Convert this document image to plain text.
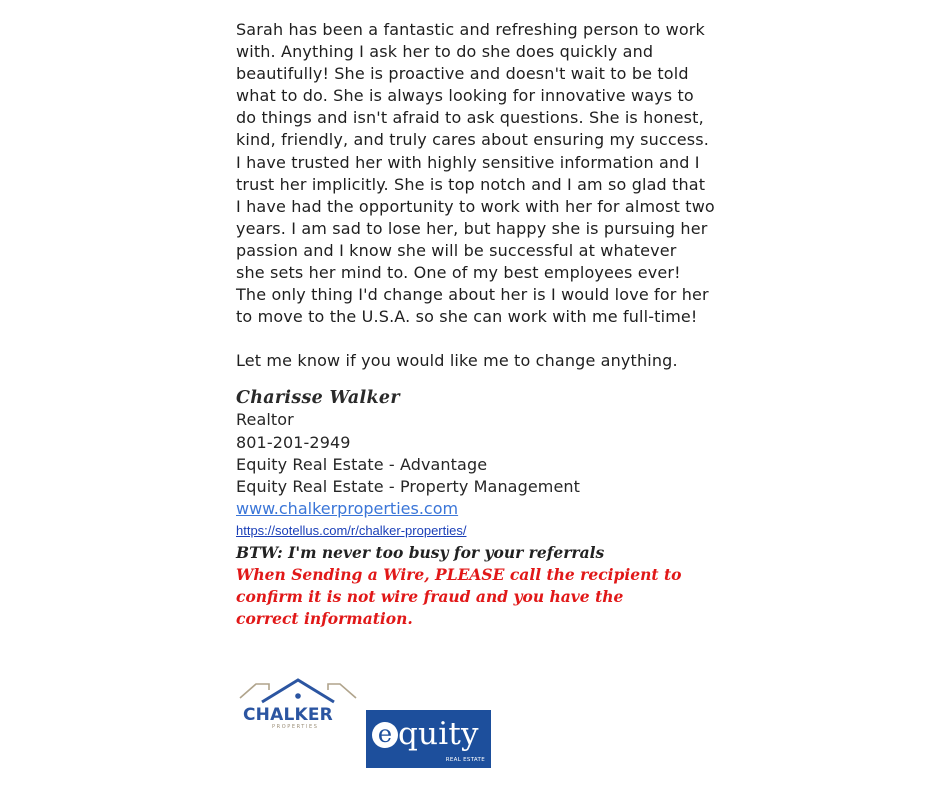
Sarah has been a fantastic and refreshing person to work

with. Anything I ask her to do she does quickly and

beautifully! She is proactive and doesn't wait to be told

what to do. She is always looking for innovative ways to

do things and isn't afraid to ask questions. She is honest,

kind, friendly, and truly cares about ensuring my success.

I have trusted her with highly sensitive information and I

trust her implicitly. She is top notch and I am so glad that

I have had the opportunity to work with her for almost two

years. I am sad to lose her, but happy she is pursuing her

passion and I know she will be successful at whatever

she sets her mind to. One of my best employees ever!

The only thing I'd change about her is I would love for her

to move to the U.S.A. so she can work with me full-time!

Let me know if you would like me to change anything.

Charisse Walker
Realtor
801-201-2949
Equity Real Estate - Advantage
Equity Real Estate - Property Management
www.chalkerproperties.com
https://sotellus.com/r/chalker-properties/
BTW: I'm never too busy for your referrals
When Sending a Wire, PLEASE call the recipient to
confirm it is not wire fraud and you have the
correct information.
CHALKER
PROPERTIES e quity
REAL ESTATE
